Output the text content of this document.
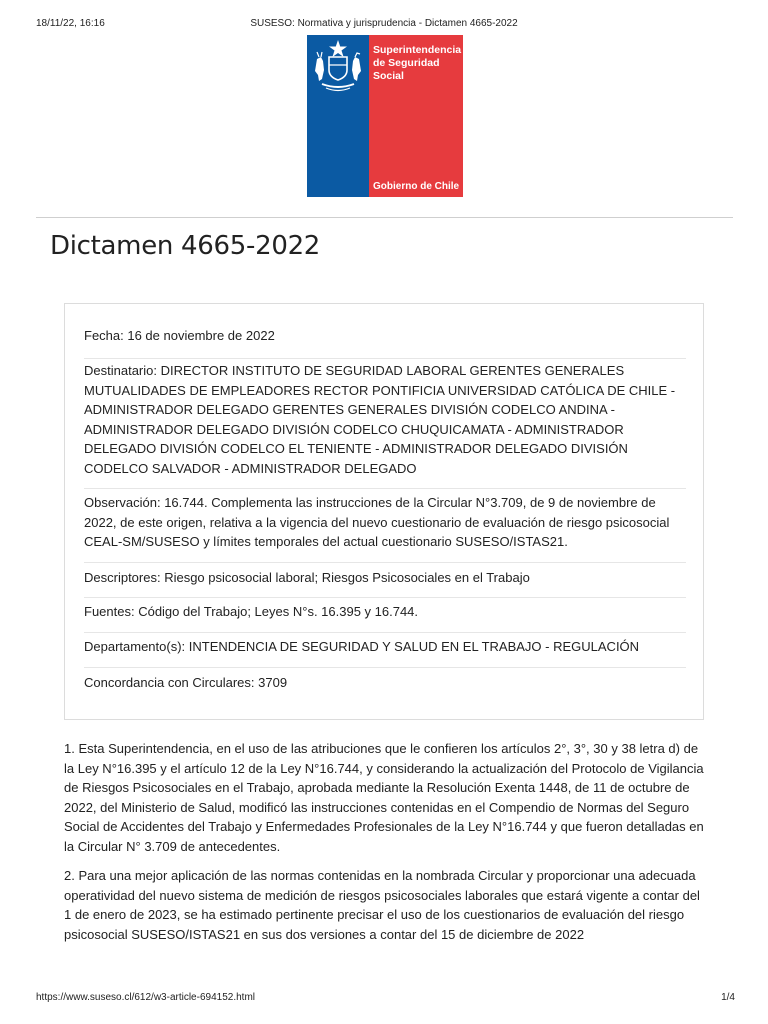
18/11/22, 16:16	SUSESO: Normativa y jurisprudencia - Dictamen 4665-2022
Superintendencia
de Seguridad
Social
Gobierno de Chile
Dictamen 4665-2022
Fecha: 16 de noviembre de 2022
Destinatario: DIRECTOR INSTITUTO DE SEGURIDAD LABORAL GERENTES GENERALES MUTUALIDADES DE EMPLEADORES RECTOR PONTIFICIA UNIVERSIDAD CATÓLICA DE CHILE - ADMINISTRADOR DELEGADO GERENTES GENERALES DIVISIÓN CODELCO ANDINA - ADMINISTRADOR DELEGADO DIVISIÓN CODELCO CHUQUICAMATA - ADMINISTRADOR DELEGADO DIVISIÓN CODELCO EL TENIENTE - ADMINISTRADOR DELEGADO DIVISIÓN CODELCO SALVADOR - ADMINISTRADOR DELEGADO
Observación: 16.744. Complementa las instrucciones de la Circular N°3.709, de 9 de noviembre de 2022, de este origen, relativa a la vigencia del nuevo cuestionario de evaluación de riesgo psicosocial CEAL-SM/SUSESO y límites temporales del actual cuestionario SUSESO/ISTAS21.
Descriptores: Riesgo psicosocial laboral; Riesgos Psicosociales en el Trabajo
Fuentes: Código del Trabajo; Leyes N°s. 16.395 y 16.744.
Departamento(s): INTENDENCIA DE SEGURIDAD Y SALUD EN EL TRABAJO - REGULACIÓN
Concordancia con Circulares: 3709

1. Esta Superintendencia, en el uso de las atribuciones que le confieren los artículos 2°, 3°, 30 y 38 letra d) de la Ley N°16.395 y el artículo 12 de la Ley N°16.744, y considerando la actualización del Protocolo de Vigilancia de Riesgos Psicosociales en el Trabajo, aprobada mediante la Resolución Exenta 1448, de 11 de octubre de 2022, del Ministerio de Salud, modificó las instrucciones contenidas en el Compendio de Normas del Seguro Social de Accidentes del Trabajo y Enfermedades Profesionales de la Ley N°16.744 y que fueron detalladas en la Circular N° 3.709 de antecedentes.

2. Para una mejor aplicación de las normas contenidas en la nombrada Circular y proporcionar una adecuada operatividad del nuevo sistema de medición de riesgos psicosociales laborales que estará vigente a contar del 1 de enero de 2023, se ha estimado pertinente precisar el uso de los cuestionarios de evaluación del riesgo psicosocial SUSESO/ISTAS21 en sus dos versiones a contar del 15 de diciembre de 2022

https://www.suseso.cl/612/w3-article-694152.html	1/4
